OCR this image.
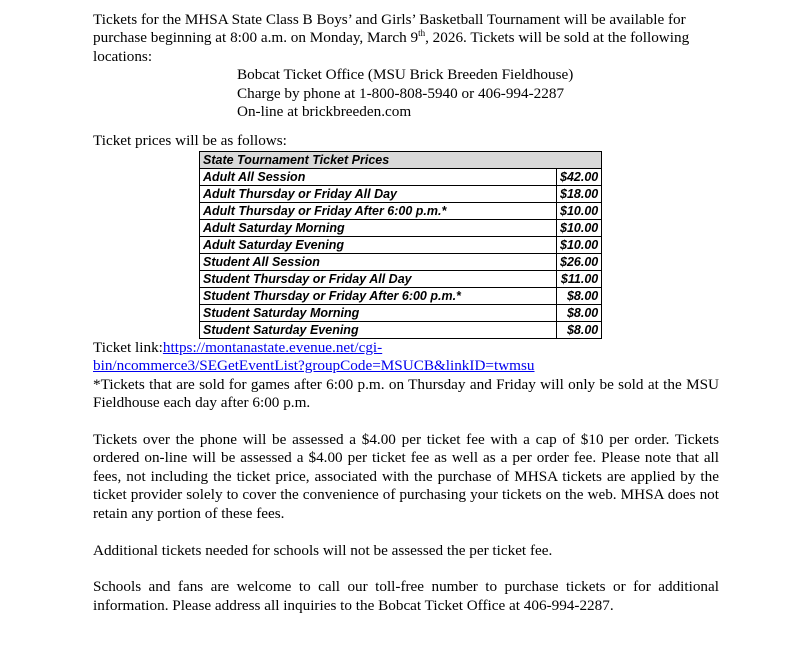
Tickets for the MHSA State Class B Boys’ and Girls’ Basketball Tournament will be available for purchase beginning at 8:00 a.m. on Monday, March 9th, 2026. Tickets will be sold at the following locations:

Bobcat Ticket Office (MSU Brick Breeden Fieldhouse)

Charge by phone at 1-800-808-5940 or 406-994-2287

On-line at brickbreeden.com

Ticket prices will be as follows:

State Tournament Ticket Prices	
Adult All Session	$42.00
Adult Thursday or Friday All Day	$18.00
Adult Thursday or Friday After 6:00 p.m.*	$10.00
Adult Saturday Morning	$10.00
Adult Saturday Evening	$10.00
Student All Session	$26.00
Student Thursday or Friday All Day	$11.00
Student Thursday or Friday After 6:00 p.m.*	$8.00
Student Saturday Morning	$8.00
Student Saturday Evening	$8.00

Ticket link:https://montanastate.evenue.net/cgi-
bin/ncommerce3/SEGetEventList?groupCode=MSUCB&linkID=twmsu

*Tickets that are sold for games after 6:00 p.m. on Thursday and Friday will only be sold at the MSU Fieldhouse each day after 6:00 p.m.

Tickets over the phone will be assessed a $4.00 per ticket fee with a cap of $10 per order. Tickets ordered on-line will be assessed a $4.00 per ticket fee as well as a per order fee. Please note that all fees, not including the ticket price, associated with the purchase of MHSA tickets are applied by the ticket provider solely to cover the convenience of purchasing your tickets on the web. MHSA does not retain any portion of these fees.

Additional tickets needed for schools will not be assessed the per ticket fee.

Schools and fans are welcome to call our toll-free number to purchase tickets or for additional information. Please address all inquiries to the Bobcat Ticket Office at 406-994-2287.
